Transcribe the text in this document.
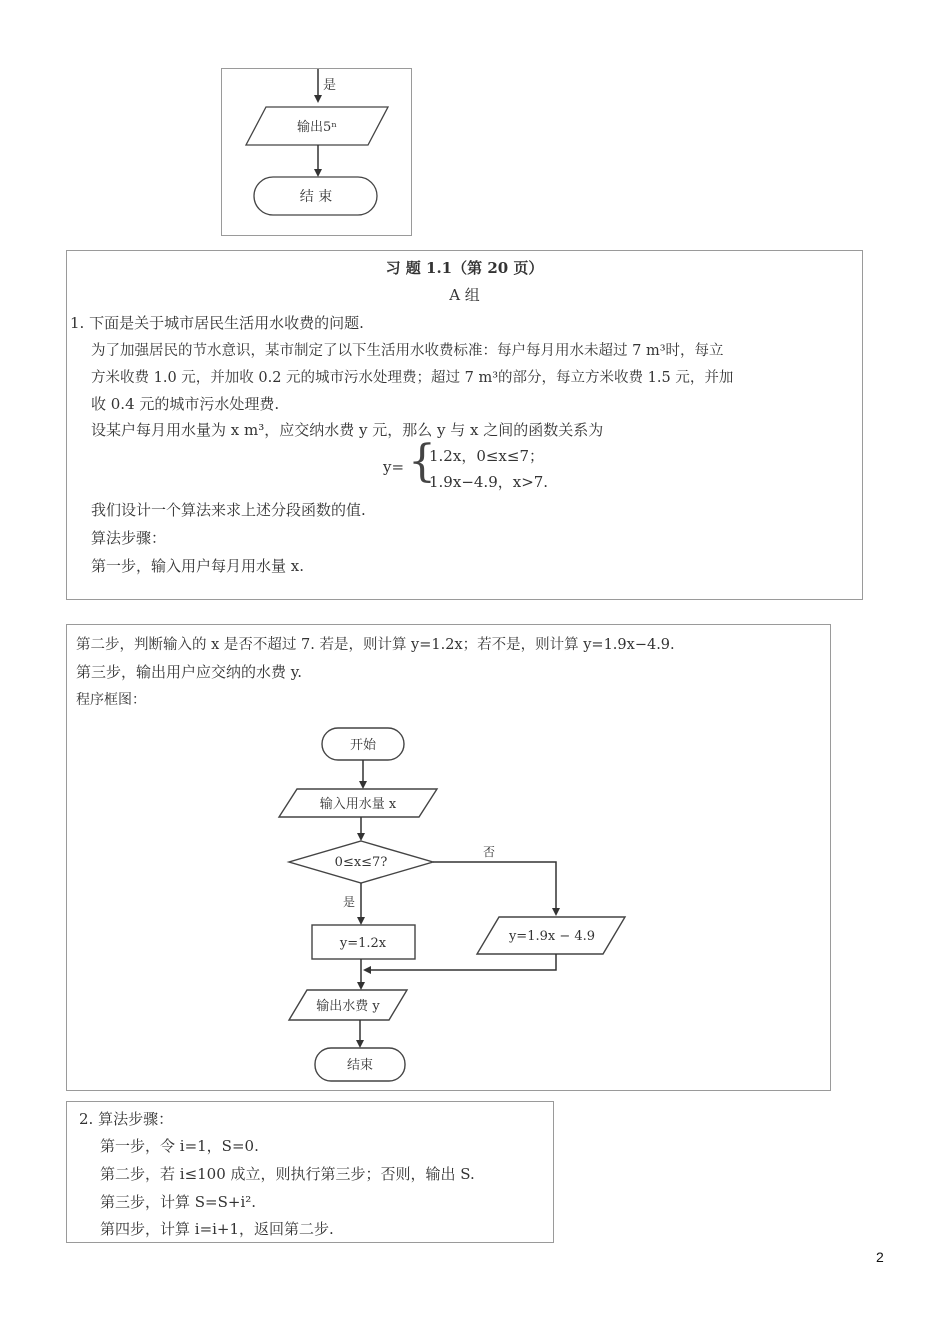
是
输出5ⁿ
结 束
习 题 1.1（第 20 页）
A 组
1. 下面是关于城市居民生活用水收费的问题.
为了加强居民的节水意识，某市制定了以下生活用水收费标准：每户每月用水未超过 7 m³时，每立
方米收费 1.0 元，并加收 0.2 元的城市污水处理费；超过 7 m³的部分，每立方米收费 1.5 元，并加
收 0.4 元的城市污水处理费.
设某户每月用水量为 x m³，应交纳水费 y 元，那么 y 与 x 之间的函数关系为
y= {
1.2x，0≤x≤7；
1.9x−4.9，x>7.
我们设计一个算法来求上述分段函数的值.
算法步骤：
第一步，输入用户每月用水量 x.
第二步，判断输入的 x 是否不超过 7. 若是，则计算 y=1.2x；若不是，则计算 y=1.9x−4.9.
第三步，输出用户应交纳的水费 y.
程序框图：
开始
输入用水量 x
0≤x≤7?
否
是
y=1.2x	y=1.9x − 4.9
输出水费 y
结束
2. 算法步骤：
第一步，令 i=1，S=0.
第二步，若 i≤100 成立，则执行第三步；否则，输出 S.
第三步，计算 S=S+i².
第四步，计算 i=i+1，返回第二步.
2
